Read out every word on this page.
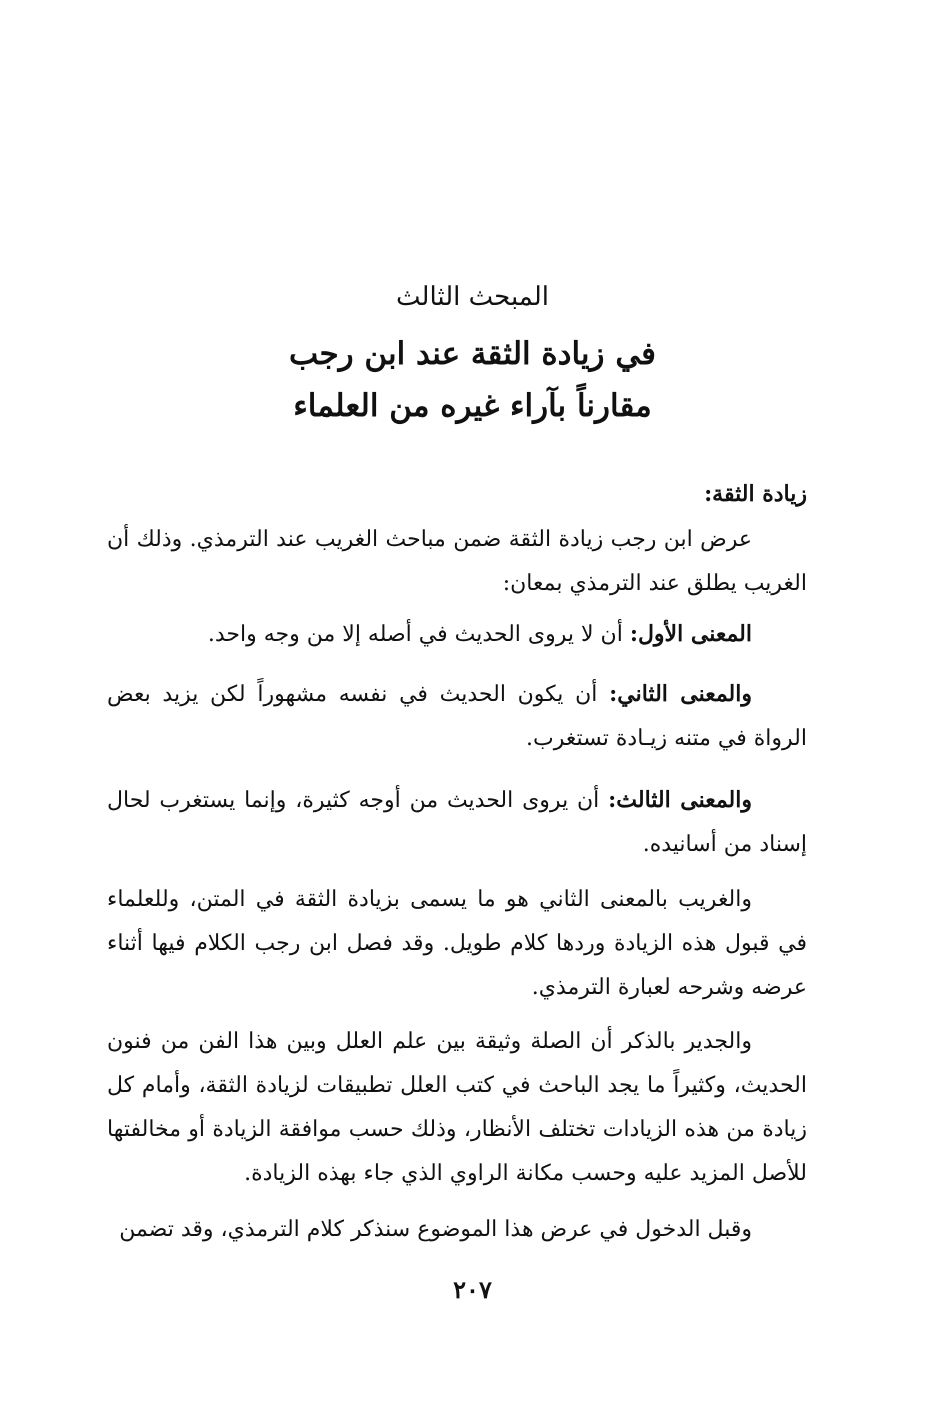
المبحث الثالث
في زيادة الثقة عند ابن رجب
مقارناً بآراء غيره من العلماء
زيادة الثقة:
عرض ابن رجب زيادة الثقة ضمن مباحث الغريب عند الترمذي. وذلك أن الغريب يطلق عند الترمذي بمعان:
المعنى الأول: أن لا يروى الحديث في أصله إلا من وجه واحد.
والمعنى الثاني: أن يكون الحديث في نفسه مشهوراً لكن يزيد بعض الرواة في متنه زيـادة تستغرب.
والمعنى الثالث: أن يروى الحديث من أوجه كثيرة، وإنما يستغرب لحال إسناد من أسانيده.
والغريب بالمعنى الثاني هو ما يسمى بزيادة الثقة في المتن، وللعلماء في قبول هذه الزيادة وردها كلام طويل. وقد فصل ابن رجب الكلام فيها أثناء عرضه وشرحه لعبارة الترمذي.
والجدير بالذكر أن الصلة وثيقة بين علم العلل وبين هذا الفن من فنون الحديث، وكثيراً ما يجد الباحث في كتب العلل تطبيقات لزيادة الثقة، وأمام كل زيادة من هذه الزيادات تختلف الأنظار، وذلك حسب موافقة الزيادة أو مخالفتها للأصل المزيد عليه وحسب مكانة الراوي الذي جاء بهذه الزيادة.
وقبل الدخول في عرض هذا الموضوع سنذكر كلام الترمذي، وقد تضمن
٢٠٧
